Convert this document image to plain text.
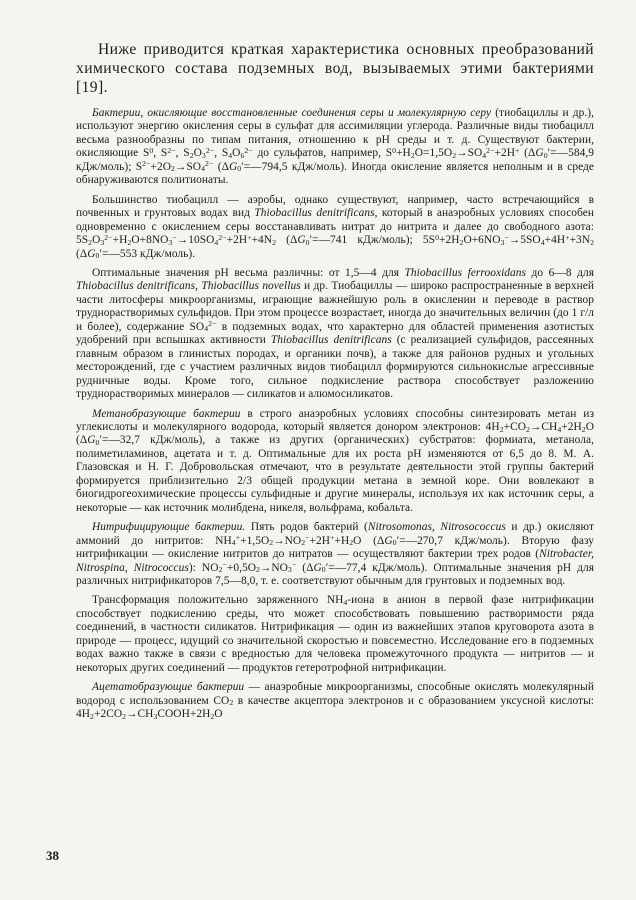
Ниже приводится краткая характеристика основных преобразований химического состава подземных вод, вызываемых этими бактериями [19].

Бактерии, окисляющие восстановленные соединения серы и молекулярную серу (тиобациллы и др.), используют энергию окисления серы в сульфат для ассимиляции углерода. Различные виды тиобацилл весьма разнообразны по типам питания, отношению к pH среды и т. д. Существуют бактерии, окисляющие $S^0$, $S^{2-}$, $S_2O_3^{2-}$, $S_4O_6^{2-}$ до сульфатов, например, $S^0+H_2O=1,5O_2\to SO_4^{2-}+2H^+$ ($\Delta G_0'=—584,9$ кДж/моль); $S^{2-}+2O_2\to SO_4^{2-}$ ($\Delta G_0'=—794,5$ кДж/моль). Иногда окисление является неполным и в среде обнаруживаются политионаты.

Большинство тиобацилл — аэробы, однако существуют, например, часто встречающийся в почвенных и грунтовых водах вид Thiobacillus denitrificans, который в анаэробных условиях способен одновременно с окислением серы восстанавливать нитрат до нитрита и далее до свободного азота: $5S_2O_3^{2-}+H_2O+8NO_3^-\to 10SO_4^{2-}+2H^++4N_2$ ($\Delta G_0'=—741$ кДж/моль); $5S^0+2H_2O+6NO_3^-\to 5SO_4+4H^++3N_2$ ($\Delta G_0'=—553$ кДж/моль).

Оптимальные значения pH весьма различны: от 1,5—4 для Thiobacillus ferrooxidans до 6—8 для Thiobacillus denitrificans, Thiobacillus novellus и др. Тиобациллы — широко распространенные в верхней части литосферы микроорганизмы, играющие важнейшую роль в окислении и переводе в раствор труднорастворимых сульфидов. При этом процессе возрастает, иногда до значительных величин (до 1 г/л и более), содержание $SO_4^{2-}$ в подземных водах, что характерно для областей применения азотистых удобрений при вспышках активности Thiobacillus denitrificans (с реализацией сульфидов, рассеянных главным образом в глинистых породах, и органики почв), а также для районов рудных и угольных месторождений, где с участием различных видов тиобацилл формируются сильнокислые агрессивные рудничные воды. Кроме того, сильное подкисление раствора способствует разложению труднорастворимых минералов — силикатов и алюмосиликатов.

Метанобразующие бактерии в строго анаэробных условиях способны синтезировать метан из углекислоты и молекулярного водорода, который является донором электронов: $4H_2+CO_2\to CH_4+2H_2O$ ($\Delta G_0'=—32,7$ кДж/моль), а также из других (органических) субстратов: формиата, метанола, полиметиламинов, ацетата и т. д. Оптимальные для их роста pH изменяются от 6,5 до 8. М. А. Глазовская и Н. Г. Добровольская отмечают, что в результате деятельности этой группы бактерий формируется приблизительно 2/3 общей продукции метана в земной коре. Они вовлекают в биогидрогеохимические процессы сульфидные и другие минералы, используя их как источник серы, а некоторые — как источник молибдена, никеля, вольфрама, кобальта.

Нитрифицирующие бактерии. Пять родов бактерий (Nitrosomonas, Nitrosococcus и др.) окисляют аммоний до нитритов: $NH_4^++1,5O_2\to NO_2^-+2H^++H_2O$ ($\Delta G_0'=—270,7$ кДж/моль). Вторую фазу нитрификации — окисление нитритов до нитратов — осуществляют бактерии трех родов (Nitrobacter, Nitrospina, Nitrococcus): $NO_2^-+0,5O_2\to NO_3^-$ ($\Delta G_0'=—77,4$ кДж/моль). Оптимальные значения pH для различных нитрификаторов 7,5—8,0, т. е. соответствуют обычным для грунтовых и подземных вод.

Трансформация положительно заряженного $NH_4$-иона в анион в первой фазе нитрификации способствует подкислению среды, что может способствовать повышению растворимости ряда соединений, в частности силикатов. Нитрификация — один из важнейших этапов круговорота азота в природе — процесс, идущий со значительной скоростью и повсеместно. Исследование его в подземных водах важно также в связи с вредностью для человека промежуточного продукта — нитритов — и некоторых других соединений — продуктов гетеротрофной нитрификации.

Ацетатобразующие бактерии — анаэробные микроорганизмы, способные окислять молекулярный водород с использованием $CO_2$ в качестве акцептора электронов и с образованием уксусной кислоты: $4H_2+2CO_2\to CH_3COOH+2H_2O$

38
